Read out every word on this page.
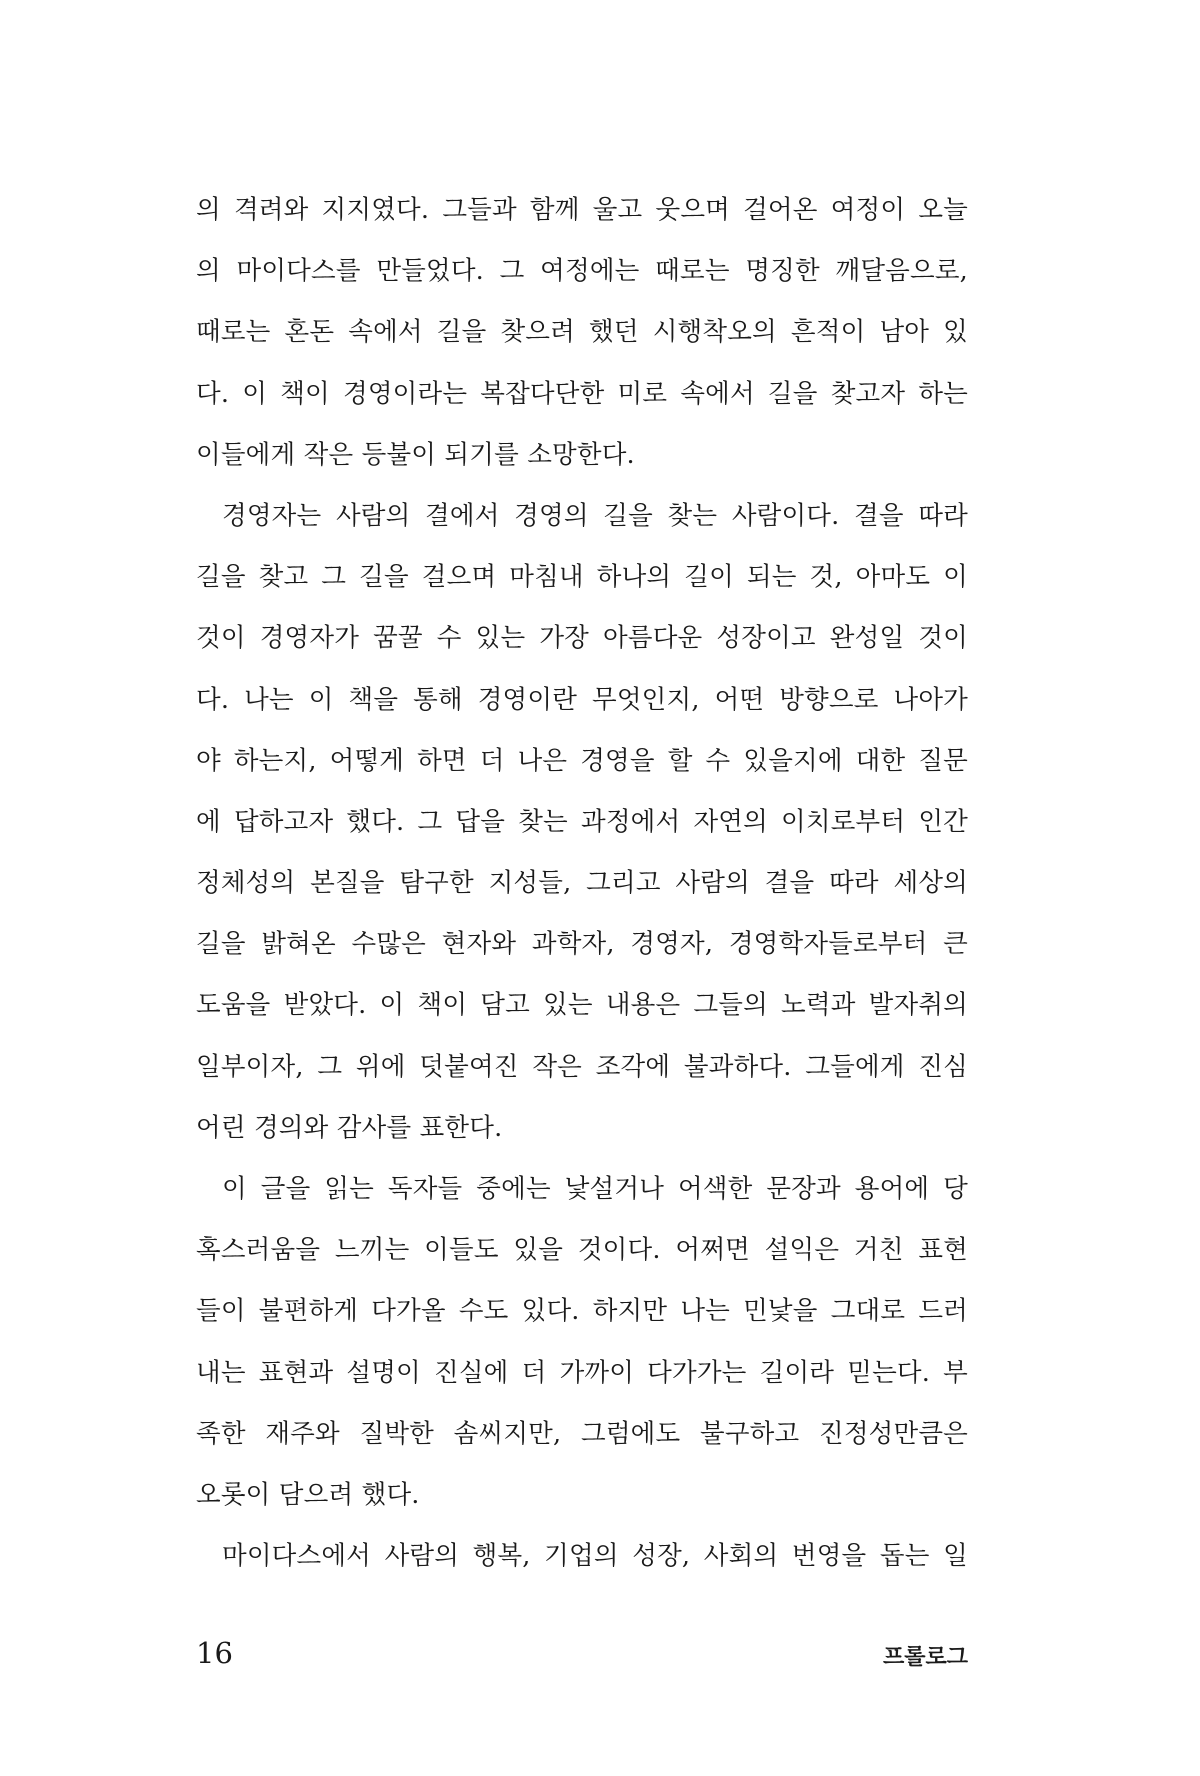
의 격려와 지지였다. 그들과 함께 울고 웃으며 걸어온 여정이 오늘
의 마이다스를 만들었다. 그 여정에는 때로는 명징한 깨달음으로,
때로는 혼돈 속에서 길을 찾으려 했던 시행착오의 흔적이 남아 있
다. 이 책이 경영이라는 복잡다단한 미로 속에서 길을 찾고자 하는
이들에게 작은 등불이 되기를 소망한다.
경영자는 사람의 결에서 경영의 길을 찾는 사람이다. 결을 따라
길을 찾고 그 길을 걸으며 마침내 하나의 길이 되는 것, 아마도 이
것이 경영자가 꿈꿀 수 있는 가장 아름다운 성장이고 완성일 것이
다. 나는 이 책을 통해 경영이란 무엇인지, 어떤 방향으로 나아가
야 하는지, 어떻게 하면 더 나은 경영을 할 수 있을지에 대한 질문
에 답하고자 했다. 그 답을 찾는 과정에서 자연의 이치로부터 인간
정체성의 본질을 탐구한 지성들, 그리고 사람의 결을 따라 세상의
길을 밝혀온 수많은 현자와 과학자, 경영자, 경영학자들로부터 큰
도움을 받았다. 이 책이 담고 있는 내용은 그들의 노력과 발자취의
일부이자, 그 위에 덧붙여진 작은 조각에 불과하다. 그들에게 진심
어린 경의와 감사를 표한다.
이 글을 읽는 독자들 중에는 낯설거나 어색한 문장과 용어에 당
혹스러움을 느끼는 이들도 있을 것이다. 어쩌면 설익은 거친 표현
들이 불편하게 다가올 수도 있다. 하지만 나는 민낯을 그대로 드러
내는 표현과 설명이 진실에 더 가까이 다가가는 길이라 믿는다. 부
족한 재주와 질박한 솜씨지만, 그럼에도 불구하고 진정성만큼은
오롯이 담으려 했다.
마이다스에서 사람의 행복, 기업의 성장, 사회의 번영을 돕는 일
16	프롤로그
